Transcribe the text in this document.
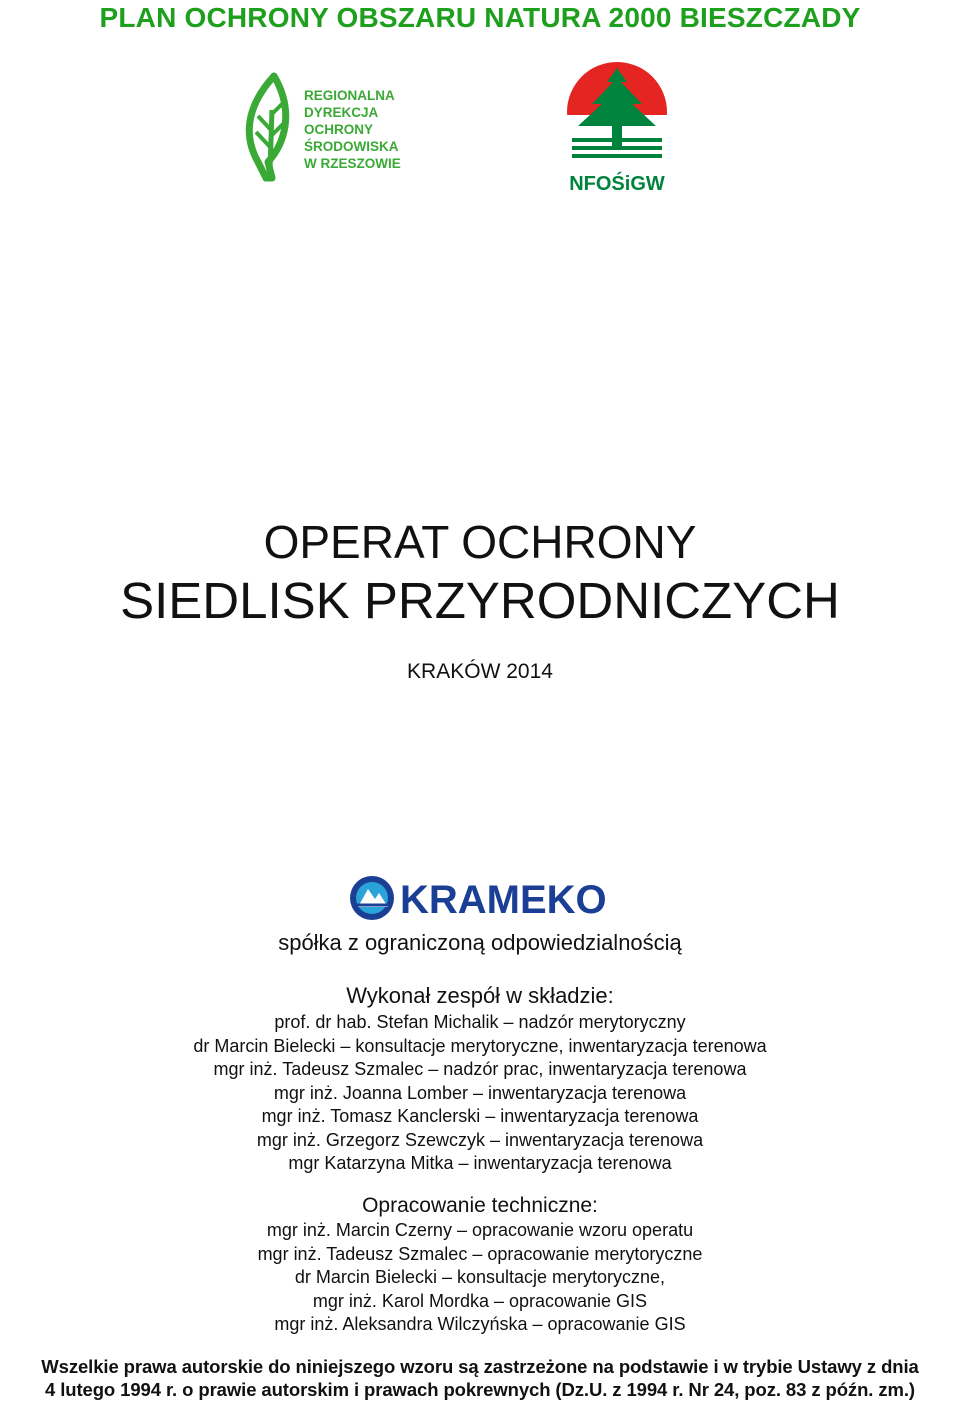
PLAN OCHRONY OBSZARU NATURA 2000 BIESZCZADY
REGIONALNA
DYREKCJA
OCHRONY
ŚRODOWISKA
W RZESZOWIE
NFOŚiGW
OPERAT OCHRONY
SIEDLISK PRZYRODNICZYCH
KRAKÓW 2014
KRAMEKO
spółka z ograniczoną odpowiedzialnością
Wykonał zespół w składzie:
prof. dr hab. Stefan Michalik – nadzór merytoryczny
dr Marcin Bielecki – konsultacje merytoryczne, inwentaryzacja terenowa
mgr inż. Tadeusz Szmalec – nadzór prac, inwentaryzacja terenowa
mgr inż. Joanna Lomber – inwentaryzacja terenowa
mgr inż. Tomasz Kanclerski – inwentaryzacja terenowa
mgr inż. Grzegorz Szewczyk – inwentaryzacja terenowa
mgr Katarzyna Mitka – inwentaryzacja terenowa
Opracowanie techniczne:
mgr inż. Marcin Czerny – opracowanie wzoru operatu
mgr inż. Tadeusz Szmalec – opracowanie merytoryczne
dr Marcin Bielecki – konsultacje merytoryczne,
mgr inż. Karol Mordka – opracowanie GIS
mgr inż. Aleksandra Wilczyńska – opracowanie GIS
Wszelkie prawa autorskie do niniejszego wzoru są zastrzeżone na podstawie i w trybie Ustawy z dnia
4 lutego 1994 r. o prawie autorskim i prawach pokrewnych (Dz.U. z 1994 r. Nr 24, poz. 83 z późn. zm.)
